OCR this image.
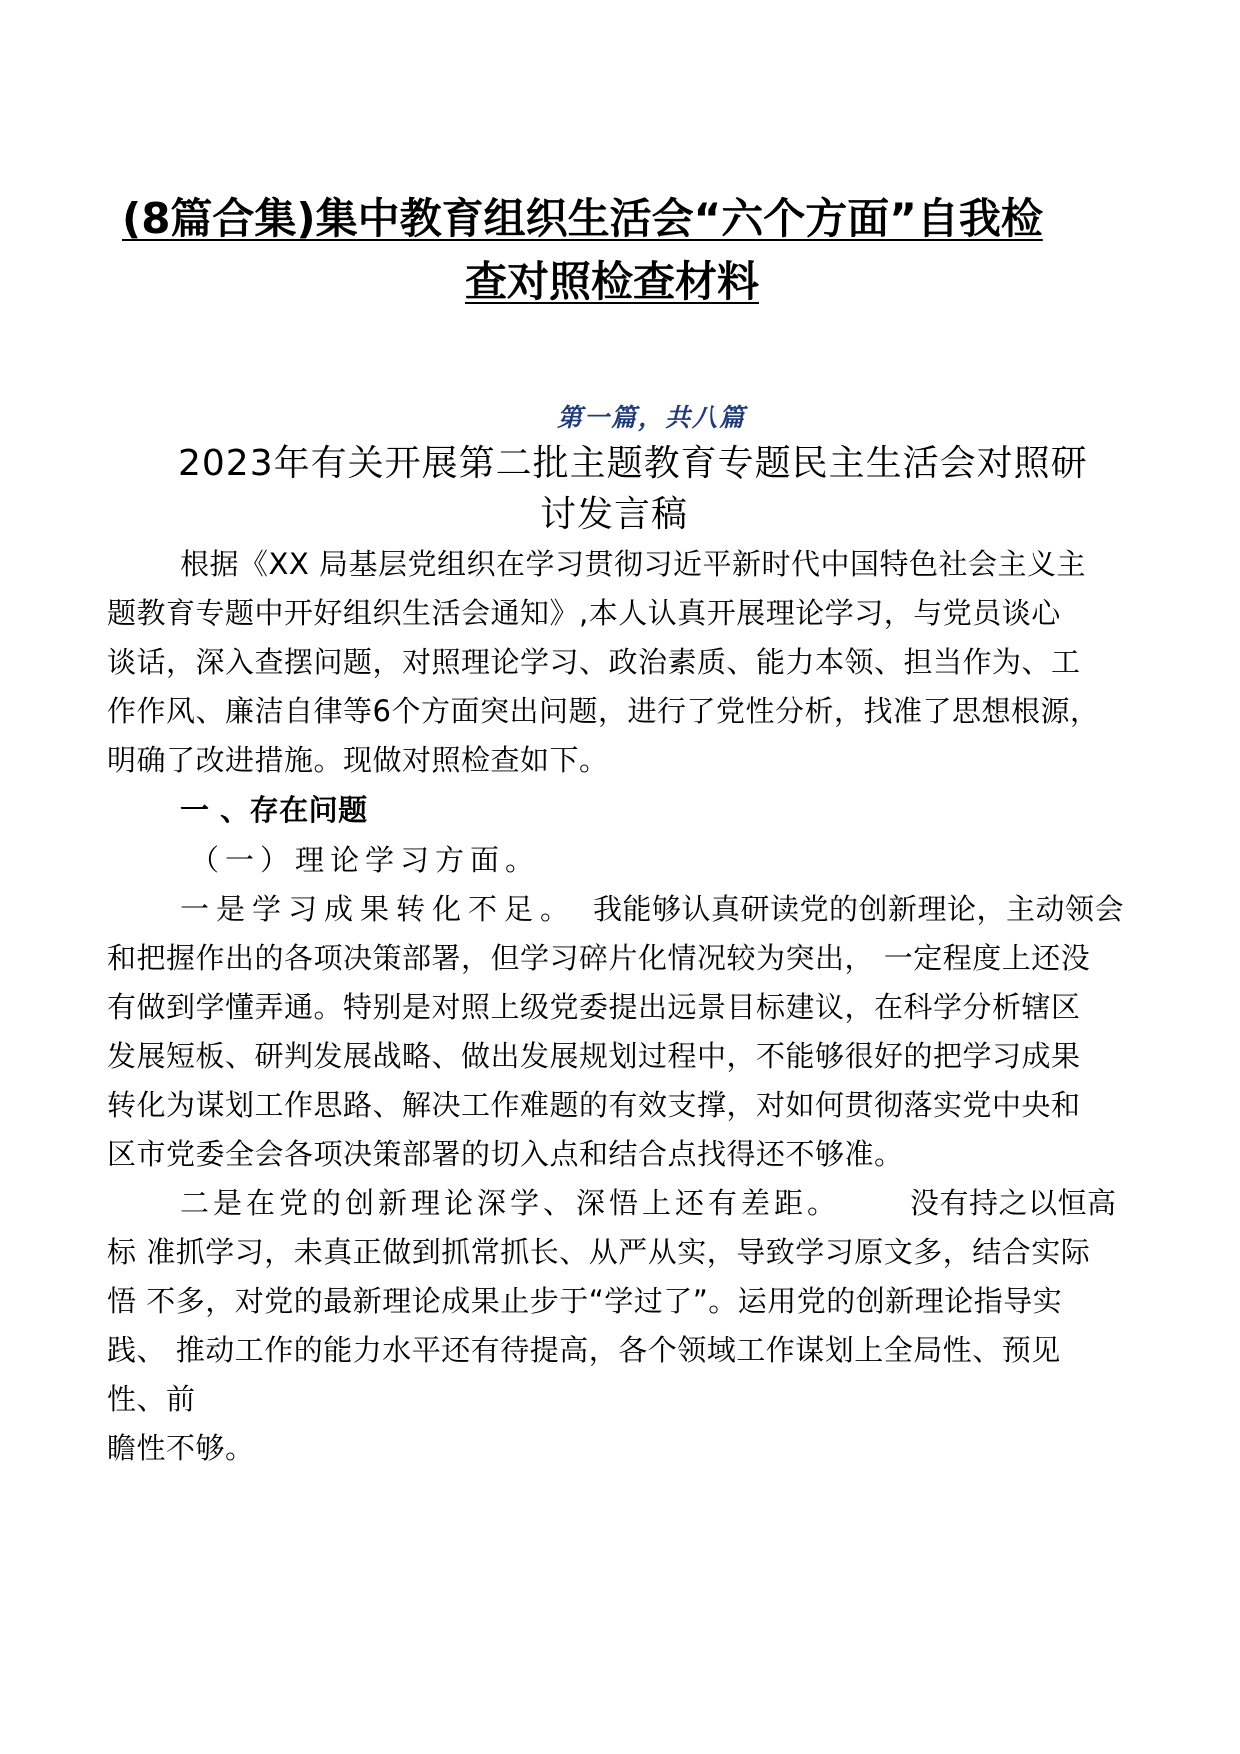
(8篇合集)集中教育组织生活会“六个方面”自我检
查对照检查材料
第一篇，共八篇
2023年有关开展第二批主题教育专题民主生活会对照研
讨发言稿
根据《XX 局基层党组织在学习贯彻习近平新时代中国特色社会主义主
题教育专题中开好组织生活会通知》,本人认真开展理论学习，与党员谈心
谈话，深入查摆问题，对照理论学习、政治素质、能力本领、担当作为、工
作作风、廉洁自律等6个方面突出问题，进行了党性分析，找准了思想根源，
明确了改进措施。现做对照检查如下。
一 、存在问题
（一）理论学习方面。
一是学习成果转化不足。 我能够认真研读党的创新理论，主动领会
和把握作出的各项决策部署，但学习碎片化情况较为突出， 一定程度上还没
有做到学懂弄通。特别是对照上级党委提出远景目标建议，在科学分析辖区
发展短板、研判发展战略、做出发展规划过程中，不能够很好的把学习成果
转化为谋划工作思路、解决工作难题的有效支撑，对如何贯彻落实党中央和
区市党委全会各项决策部署的切入点和结合点找得还不够准。
二是在党的创新理论深学、深悟上还有差距。 没有持之以恒高
标 准抓学习，未真正做到抓常抓长、从严从实，导致学习原文多，结合实际
悟 不多，对党的最新理论成果止步于“学过了”。运用党的创新理论指导实
践、 推动工作的能力水平还有待提高，各个领域工作谋划上全局性、预见
性、前
瞻性不够。
